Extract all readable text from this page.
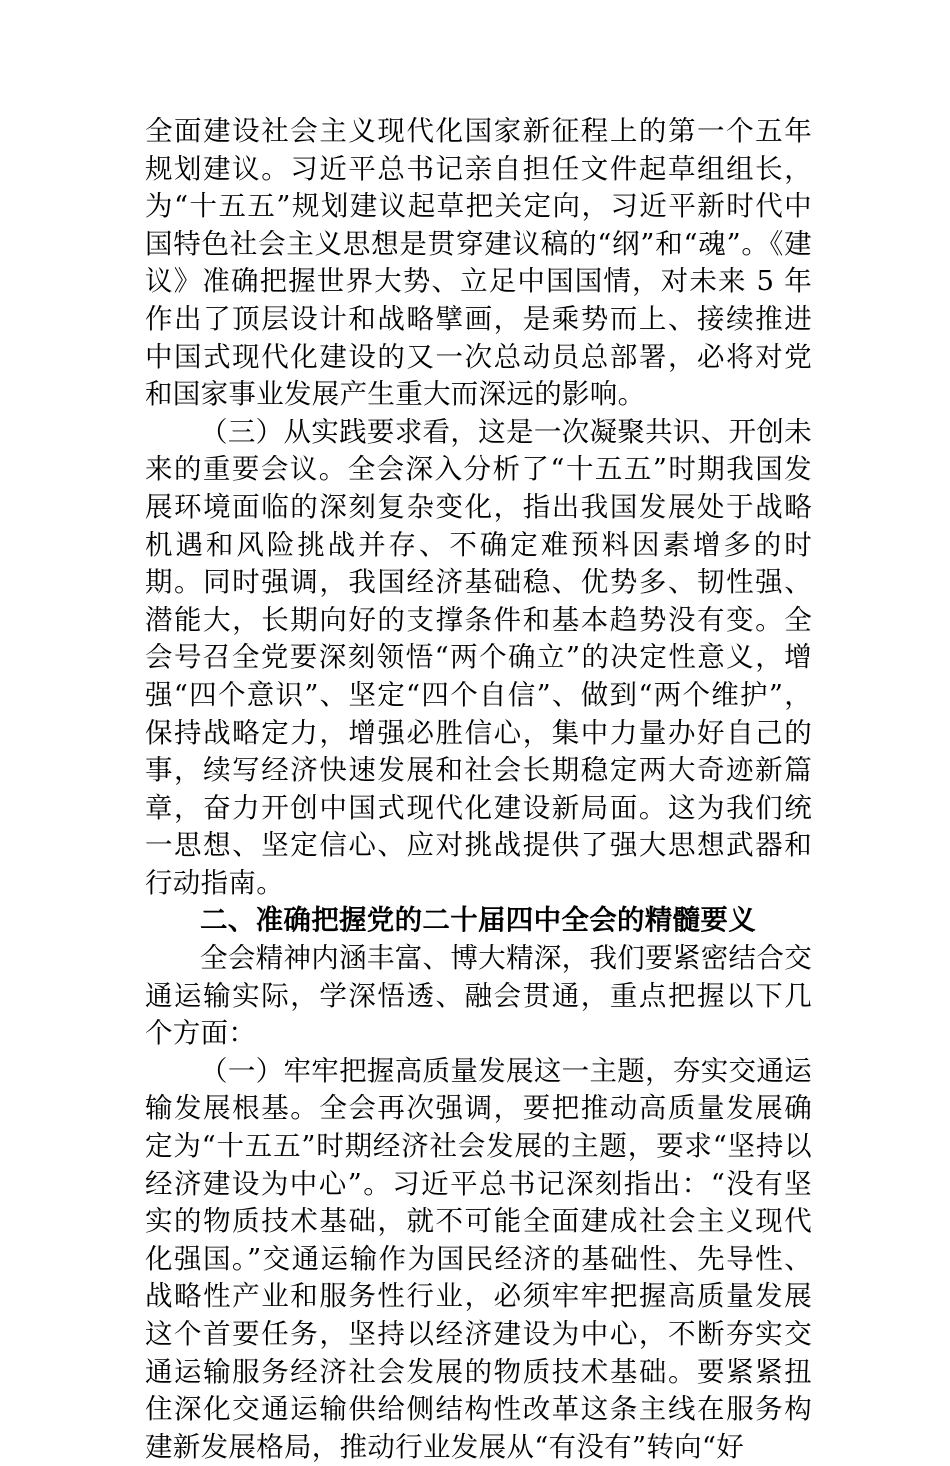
全面建设社会主义现代化国家新征程上的第一个五年规划建议。习近平总书记亲自担任文件起草组组长，为“十五五”规划建议起草把关定向，习近平新时代中国特色社会主义思想是贯穿建议稿的“纲”和“魂”。《建议》准确把握世界大势、立足中国国情，对未来 5 年作出了顶层设计和战略擘画，是乘势而上、接续推进中国式现代化建设的又一次总动员总部署，必将对党和国家事业发展产生重大而深远的影响。

（三）从实践要求看，这是一次凝聚共识、开创未来的重要会议。全会深入分析了“十五五”时期我国发展环境面临的深刻复杂变化，指出我国发展处于战略机遇和风险挑战并存、不确定难预料因素增多的时期。同时强调，我国经济基础稳、优势多、韧性强、潜能大，长期向好的支撑条件和基本趋势没有变。全会号召全党要深刻领悟“两个确立”的决定性意义，增强“四个意识”、坚定“四个自信”、做到“两个维护”，保持战略定力，增强必胜信心，集中力量办好自己的事，续写经济快速发展和社会长期稳定两大奇迹新篇章，奋力开创中国式现代化建设新局面。这为我们统一思想、坚定信心、应对挑战提供了强大思想武器和行动指南。

二、准确把握党的二十届四中全会的精髓要义

全会精神内涵丰富、博大精深，我们要紧密结合交通运输实际，学深悟透、融会贯通，重点把握以下几个方面：

（一）牢牢把握高质量发展这一主题，夯实交通运输发展根基。全会再次强调，要把推动高质量发展确定为“十五五”时期经济社会发展的主题，要求“坚持以经济建设为中心”。习近平总书记深刻指出：“没有坚实的物质技术基础，就不可能全面建成社会主义现代化强国。”交通运输作为国民经济的基础性、先导性、战略性产业和服务性行业，必须牢牢把握高质量发展这个首要任务，坚持以经济建设为中心，不断夯实交通运输服务经济社会发展的物质技术基础。要紧紧扭住深化交通运输供给侧结构性改革这条主线在服务构建新发展格局，推动行业发展从“有没有”转向“好
